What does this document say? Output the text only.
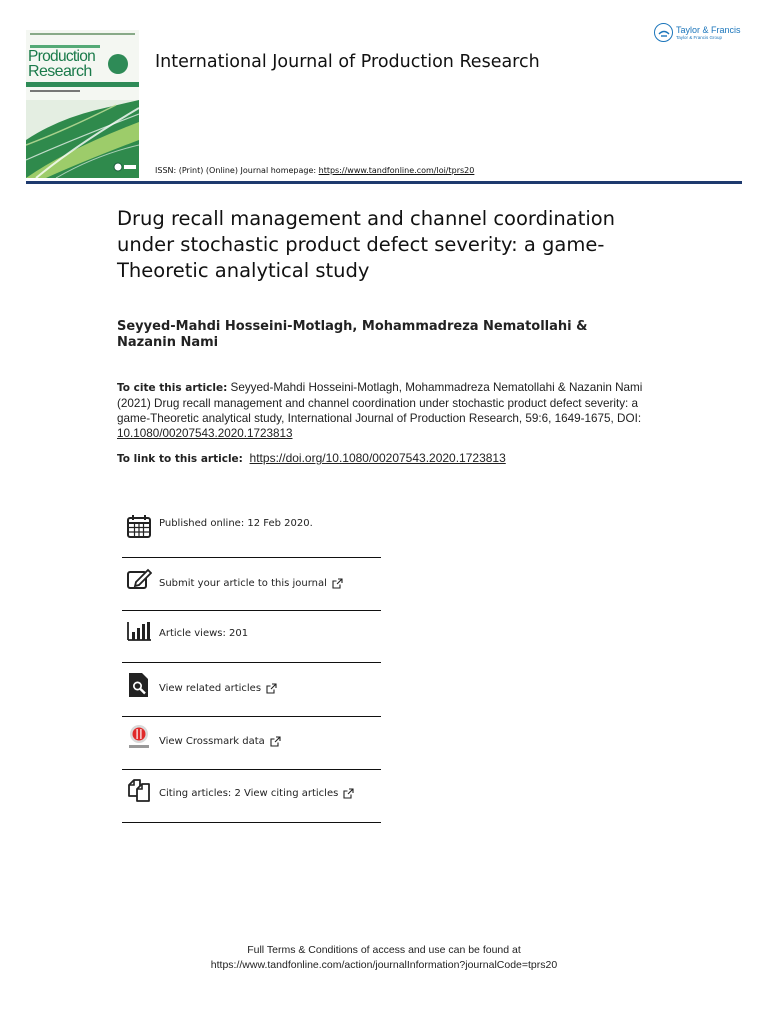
Production
Research
Taylor & Francis
Taylor & Francis Group
International Journal of Production Research
ISSN: (Print) (Online) Journal homepage: https://www.tandfonline.com/loi/tprs20
Drug recall management and channel coordination under stochastic product defect severity: a game-Theoretic analytical study
Seyyed-Mahdi Hosseini-Motlagh, Mohammadreza Nematollahi & Nazanin Nami
To cite this article: Seyyed-Mahdi Hosseini-Motlagh, Mohammadreza Nematollahi & Nazanin Nami (2021) Drug recall management and channel coordination under stochastic product defect severity: a game-Theoretic analytical study, International Journal of Production Research, 59:6, 1649-1675, DOI: 10.1080/00207543.2020.1723813
To link to this article: https://doi.org/10.1080/00207543.2020.1723813
Published online: 12 Feb 2020.
Submit your article to this journal
Article views: 201
View related articles
View Crossmark data
Citing articles: 2 View citing articles
Full Terms & Conditions of access and use can be found at
https://www.tandfonline.com/action/journalInformation?journalCode=tprs20
